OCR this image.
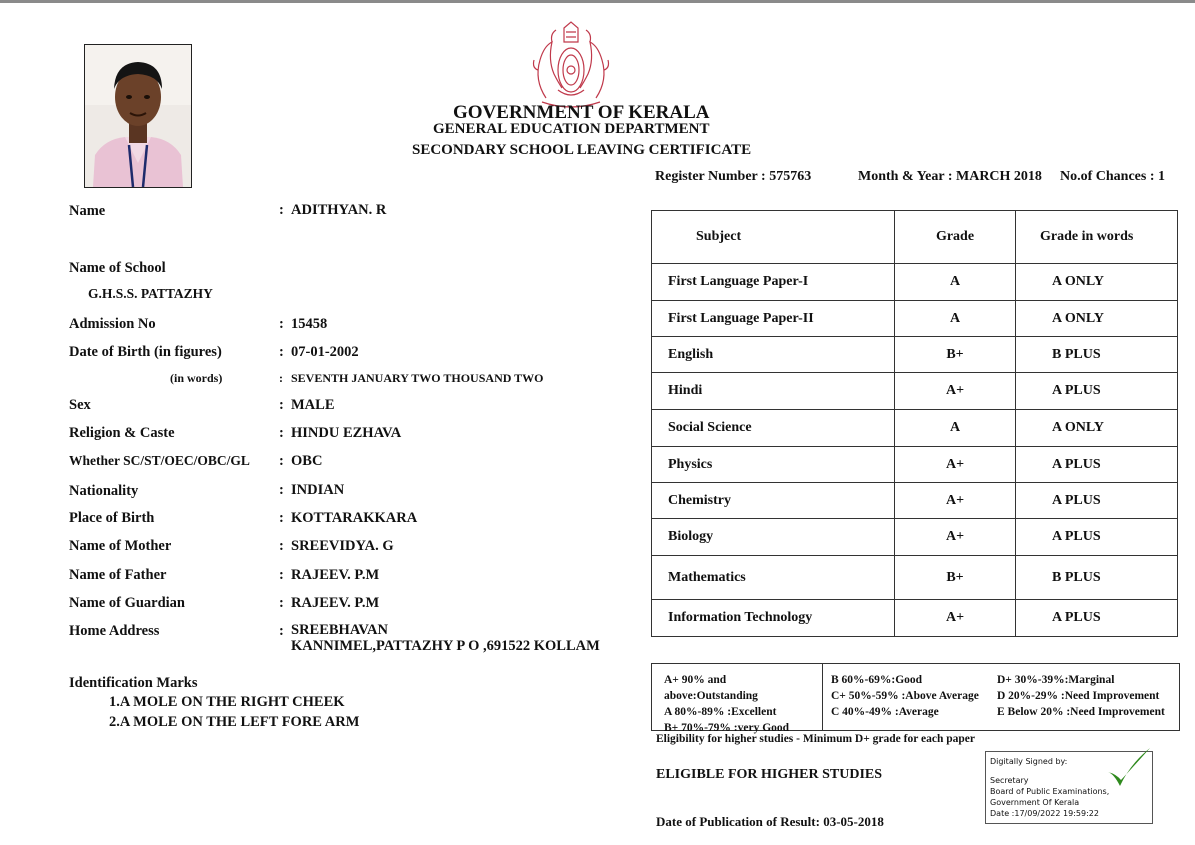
GOVERNMENT OF KERALA
GENERAL EDUCATION DEPARTMENT
SECONDARY SCHOOL LEAVING CERTIFICATE
Register Number : 575763	Month & Year : MARCH 2018 No.of Chances : 1
Name	: ADITHYAN. R
Name of School
G.H.S.S. PATTAZHY
Admission No	: 15458
Date of Birth (in figures)	: 07-01-2002
(in words)	: SEVENTH JANUARY TWO THOUSAND TWO
Sex	: MALE
Religion & Caste	: HINDU EZHAVA
Whether SC/ST/OEC/OBC/GL : OBC
Nationality	: INDIAN
Place of Birth	: KOTTARAKKARA
Name of Mother	: SREEVIDYA. G
Name of Father	: RAJEEV. P.M
Name of Guardian	: RAJEEV. P.M
Home Address	: SREEBHAVAN
KANNIMEL,PATTAZHY P O ,691522 KOLLAM
Identification Marks
1.A MOLE ON THE RIGHT CHEEK
2.A MOLE ON THE LEFT FORE ARM
Subject	Grade	Grade in words
First Language Paper-I	A	A ONLY
First Language Paper-II	A	A ONLY
English	B+	B PLUS
Hindi	A+	A PLUS
Social Science	A	A ONLY
Physics	A+	A PLUS
Chemistry	A+	A PLUS
Biology	A+	A PLUS
Mathematics	B+	B PLUS
Information Technology	A+	A PLUS
A+ 90% and above:Outstanding
A 80%-89% :Excellent
B+ 70%-79% :very Good
B 60%-69%:Good
C+ 50%-59% :Above Average
C 40%-49% :Average
D+ 30%-39%:Marginal
D 20%-29% :Need Improvement
E Below 20% :Need Improvement
Eligibility for higher studies - Minimum D+ grade for each paper
ELIGIBLE FOR HIGHER STUDIES
Date of Publication of Result: 03-05-2018
Digitally Signed by:
Secretary
Board of Public Examinations,
Government Of Kerala
Date :17/09/2022 19:59:22
